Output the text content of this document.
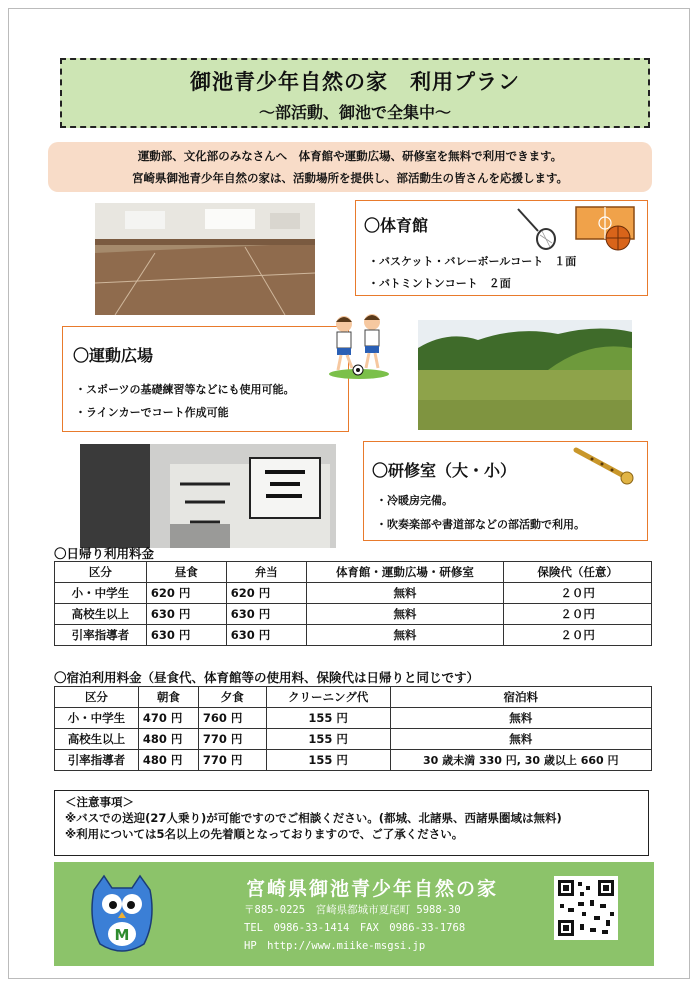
御池青少年自然の家　利用プラン
～部活動、御池で全集中～
運動部、文化部のみなさんへ　体育館や運動広場、研修室を無料で利用できます。
宮崎県御池青少年自然の家は、活動場所を提供し、部活動生の皆さんを応援します。
〇体育館
・バスケット・バレーボールコート　１面
・バトミントンコート　２面
〇運動広場
・スポーツの基礎練習等などにも使用可能。
・ラインカーでコート作成可能
〇研修室（大・小）
・冷暖房完備。
・吹奏楽部や書道部などの部活動で利用。
〇日帰り利用料金
区分	昼食	弁当	体育館・運動広場・研修室	保険代（任意）
小・中学生	620 円	620 円	無料	２０円
高校生以上	630 円	630 円	無料	２０円
引率指導者	630 円	630 円	無料	２０円
〇宿泊利用料金（昼食代、体育館等の使用料、保険代は日帰りと同じです）
区分	朝食	夕食	クリーニング代	宿泊料
小・中学生	470 円	760 円	155 円	無料
高校生以上	480 円	770 円	155 円	無料
引率指導者	480 円	770 円	155 円	30 歳未満 330 円, 30 歳以上 660 円
＜注意事項＞
※バスでの送迎(27人乗り)が可能ですのでご相談ください。(都城、北諸県、西諸県圏域は無料)
※利用については5名以上の先着順となっておりますので、ご了承ください。
M
宮崎県御池青少年自然の家
〒885-0225　宮崎県都城市夏尾町 5988-30
TEL　0986-33-1414　FAX　0986-33-1768
HP　http://www.miike-msgsi.jp
